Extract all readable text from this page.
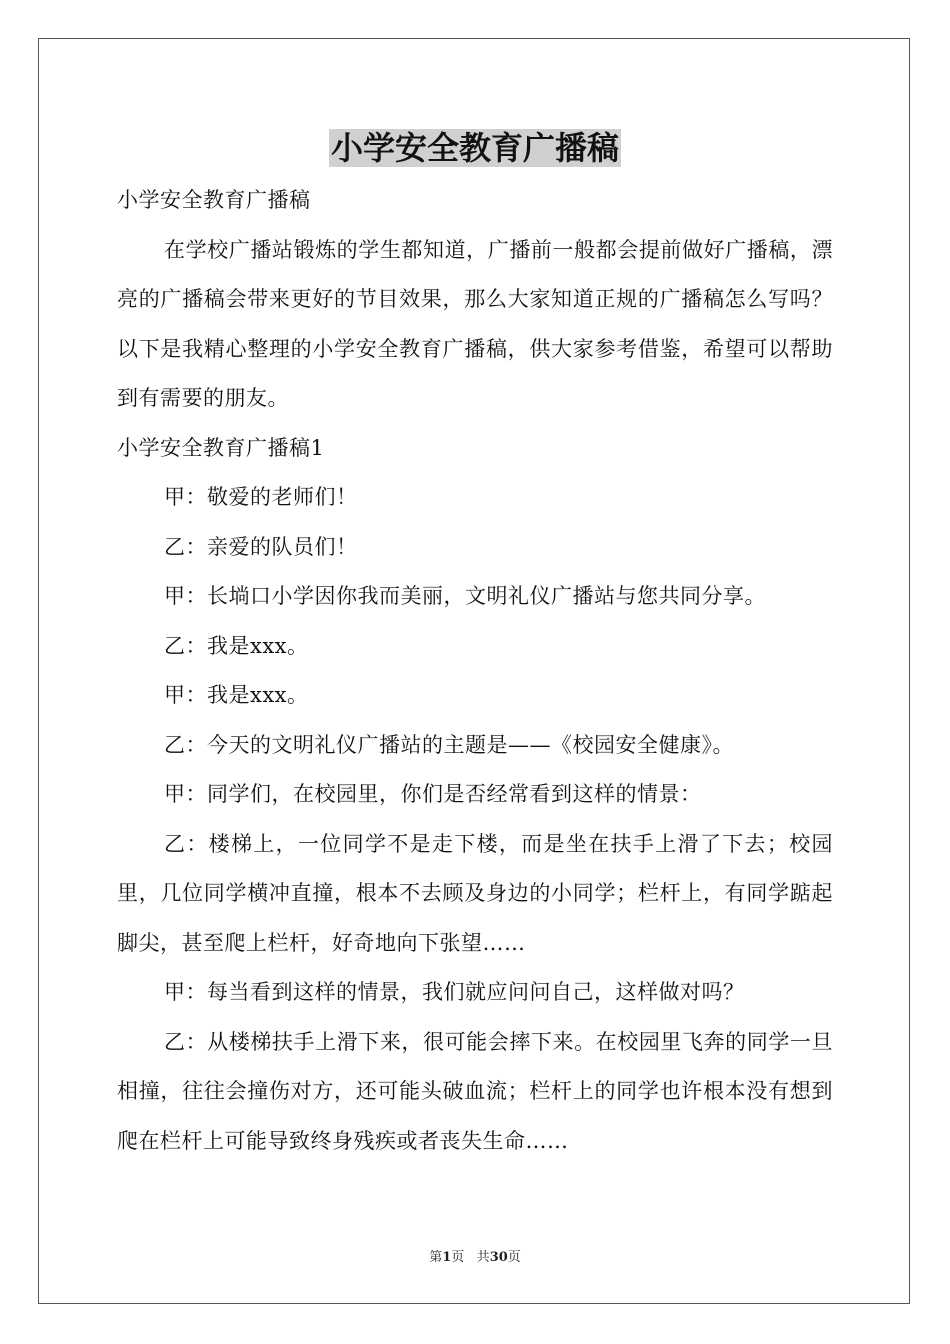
小学安全教育广播稿

小学安全教育广播稿

在学校广播站锻炼的学生都知道，广播前一般都会提前做好广播稿，漂亮的广播稿会带来更好的节目效果，那么大家知道正规的广播稿怎么写吗？以下是我精心整理的小学安全教育广播稿，供大家参考借鉴，希望可以帮助到有需要的朋友。

小学安全教育广播稿1

甲：敬爱的老师们！

乙：亲爱的队员们！

甲：长埫口小学因你我而美丽，文明礼仪广播站与您共同分享。

乙：我是xxx。

甲：我是xxx。

乙：今天的文明礼仪广播站的主题是——《校园安全健康》。

甲：同学们，在校园里，你们是否经常看到这样的情景：

乙：楼梯上，一位同学不是走下楼，而是坐在扶手上滑了下去；校园里，几位同学横冲直撞，根本不去顾及身边的小同学；栏杆上，有同学踮起脚尖，甚至爬上栏杆，好奇地向下张望……

甲：每当看到这样的情景，我们就应问问自己，这样做对吗？

乙：从楼梯扶手上滑下来，很可能会摔下来。在校园里飞奔的同学一旦相撞，往往会撞伤对方，还可能头破血流；栏杆上的同学也许根本没有想到爬在栏杆上可能导致终身残疾或者丧失生命……

第1页 共30页
